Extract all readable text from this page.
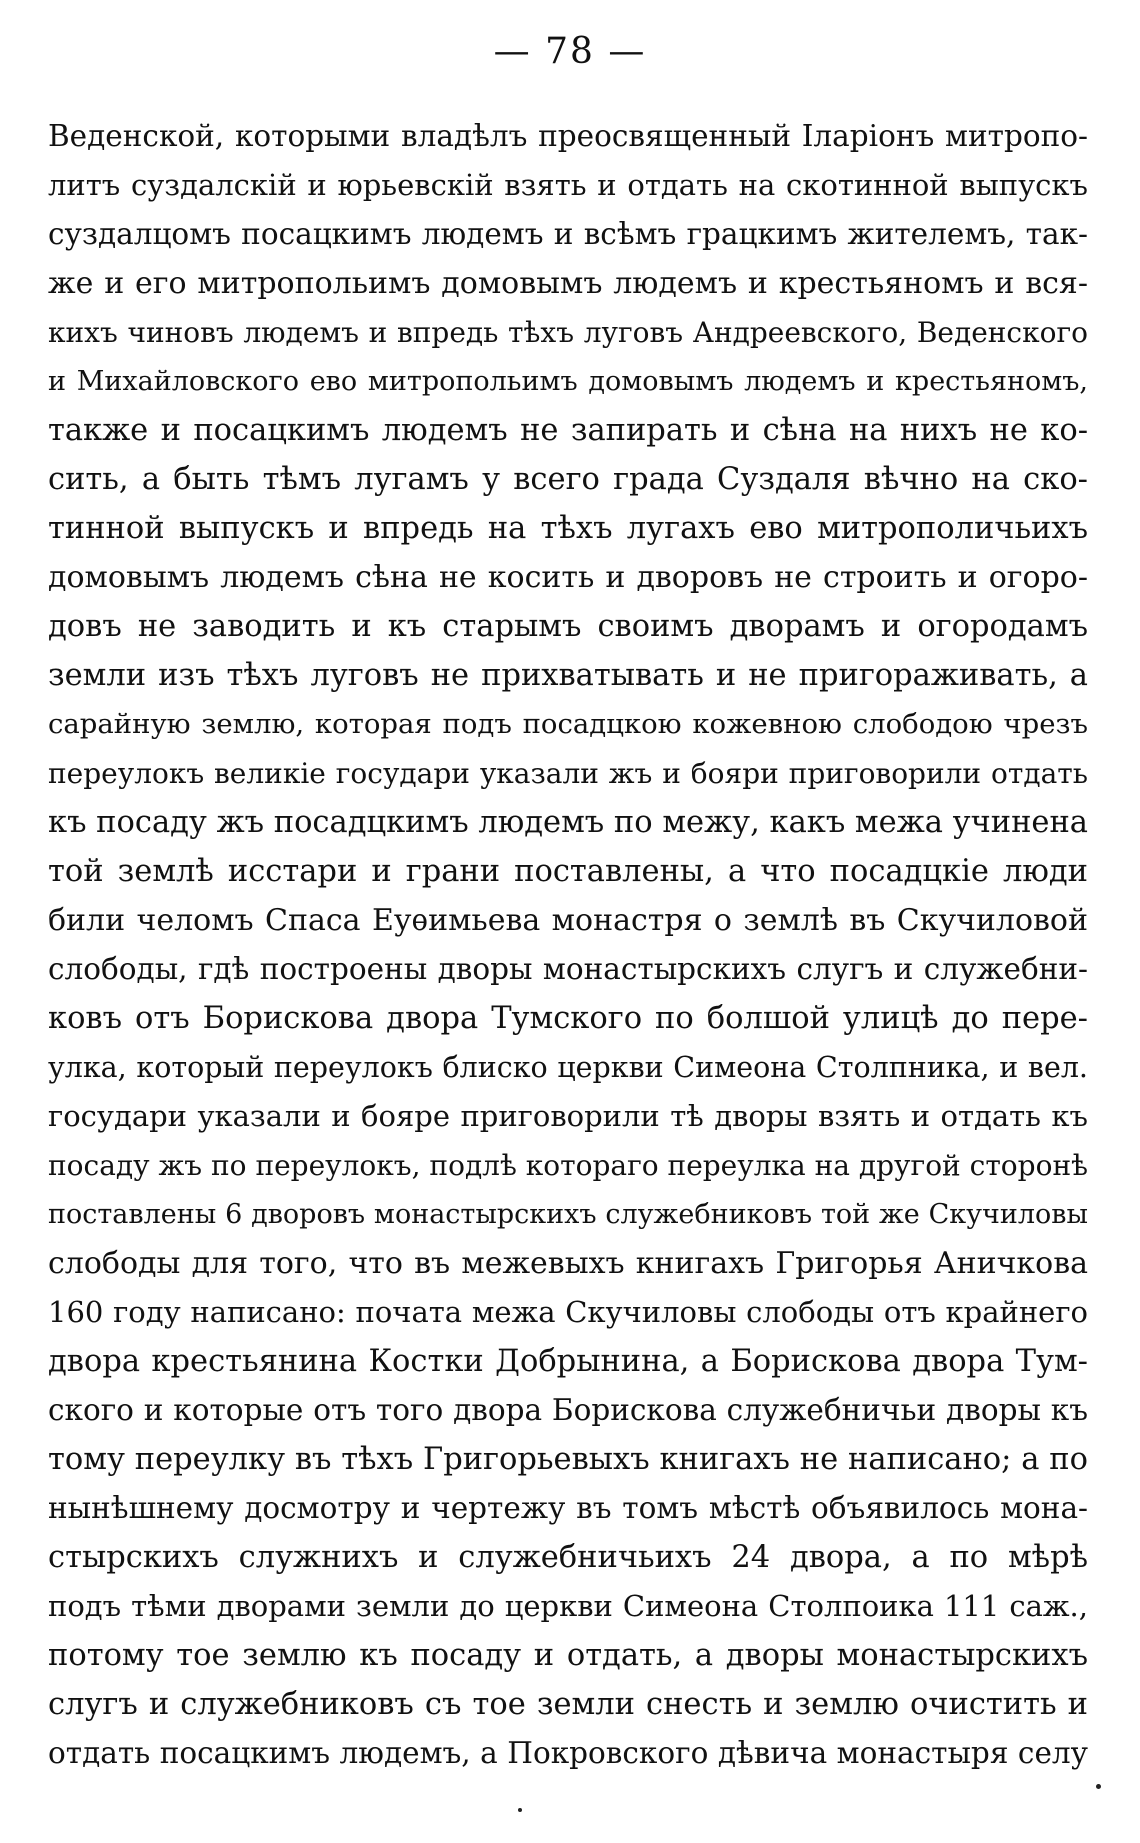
— 78 —
Веденской, которыми владѣлъ преосвященный Іларіонъ митропо-
литъ суздалскій и юрьевскій взять и отдать на скотинной выпускъ
суздалцомъ посацкимъ людемъ и всѣмъ грацкимъ жителемъ, так-
же и его митропольимъ домовымъ людемъ и крестьяномъ и вся-
кихъ чиновъ людемъ и впредь тѣхъ луговъ Андреевского, Веденского
и Михайловского ево митропольимъ домовымъ людемъ и крестьяномъ,
также и посацкимъ людемъ не запирать и сѣна на нихъ не ко-
сить, а быть тѣмъ лугамъ у всего града Суздаля вѣчно на ско-
тинной выпускъ и впредь на тѣхъ лугахъ ево митрополичьихъ
домовымъ людемъ сѣна не косить и дворовъ не строить и огоро-
довъ не заводить и къ старымъ своимъ дворамъ и огородамъ
земли изъ тѣхъ луговъ не прихватывать и не пригораживать, а
сарайную землю, которая подъ посадцкою кожевною слободою чрезъ
переулокъ великіе государи указали жъ и бояри приговорили отдать
къ посаду жъ посадцкимъ людемъ по межу, какъ межа учинена
той землѣ исстари и грани поставлены, а что посадцкіе люди
били челомъ Спаса Еуѳимьева монастря о землѣ въ Скучиловой
слободы, гдѣ построены дворы монастырскихъ слугъ и служебни-
ковъ отъ Борискова двора Тумского по болшой улицѣ до пере-
улка, который переулокъ блиско церкви Симеона Столпника, и вел.
государи указали и бояре приговорили тѣ дворы взять и отдать къ
посаду жъ по переулокъ, подлѣ котораго переулка на другой сторонѣ
поставлены 6 дворовъ монастырскихъ служебниковъ той же Скучиловы
слободы для того, что въ межевыхъ книгахъ Григорья Аничкова
160 году написано: почата межа Скучиловы слободы отъ крайнего
двора крестьянина Костки Добрынина, а Борискова двора Тум-
ского и которые отъ того двора Борискова служебничьи дворы къ
тому переулку въ тѣхъ Григорьевыхъ книгахъ не написано; а по
нынѣшнему досмотру и чертежу въ томъ мѣстѣ объявилось мона-
стырскихъ служнихъ и служебничьихъ 24 двора, а по мѣрѣ
подъ тѣми дворами земли до церкви Симеона Столпоика 111 саж.,
потому тое землю къ посаду и отдать, а дворы монастырскихъ
слугъ и служебниковъ съ тое земли снесть и землю очистить и
отдать посацкимъ людемъ, а Покровского дѣвича монастыря селу
